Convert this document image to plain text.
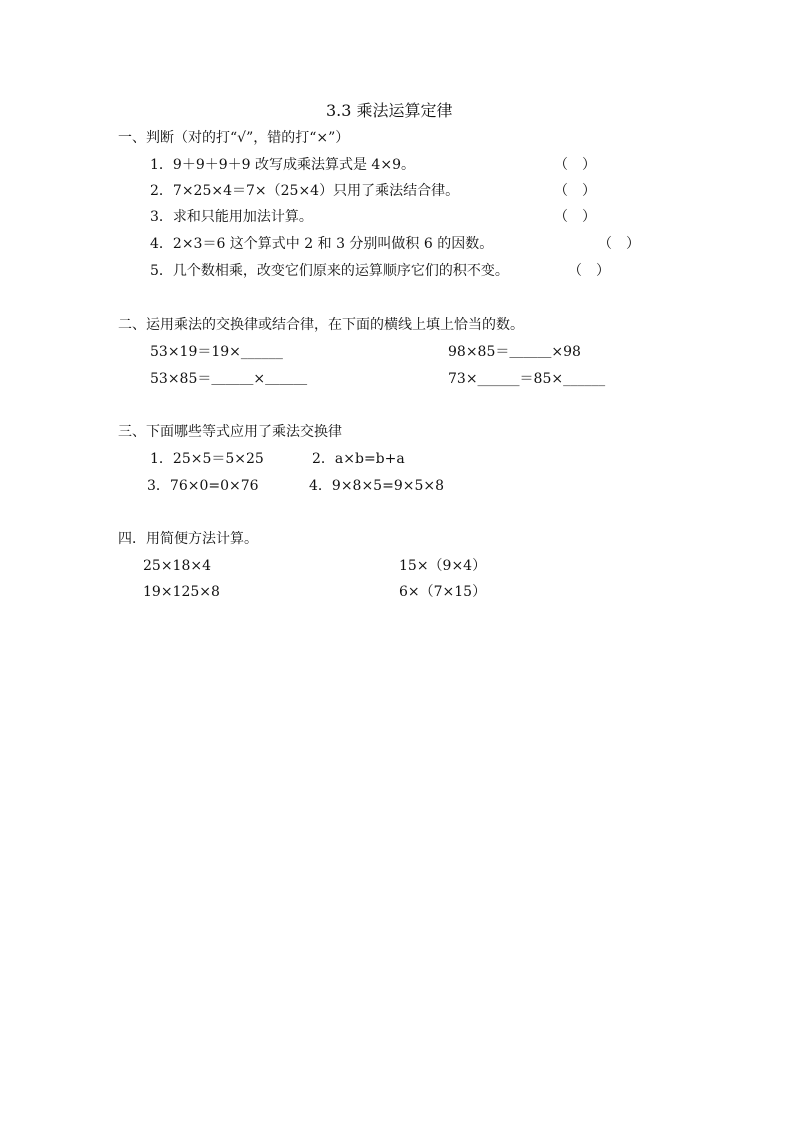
3.3 乘法运算定律
一、判断（对的打“√”，错的打“×”）
1．9＋9＋9＋9 改写成乘法算式是 4×9。	（　）
2．7×25×4＝7×（25×4）只用了乘法结合律。	（　）
3．求和只能用加法计算。	（　）
4．2×3＝6 这个算式中 2 和 3 分别叫做积 6 的因数。	（　）
5．几个数相乘，改变它们原来的运算顺序它们的积不变。	（　）
二、运用乘法的交换律或结合律，在下面的横线上填上恰当的数。
53×19＝19×______	98×85＝＿＿＿×98
53×85＝＿＿＿×＿＿＿	73×______＝85×______
三、下面哪些等式应用了乘法交换律
1．25×5＝5×25	2．a×b=b+a
3．76×0=0×76	4．9×8×5=9×5×8
四．用简便方法计算。
25×18×4	15×（9×4）
19×125×8	6×（7×15）
